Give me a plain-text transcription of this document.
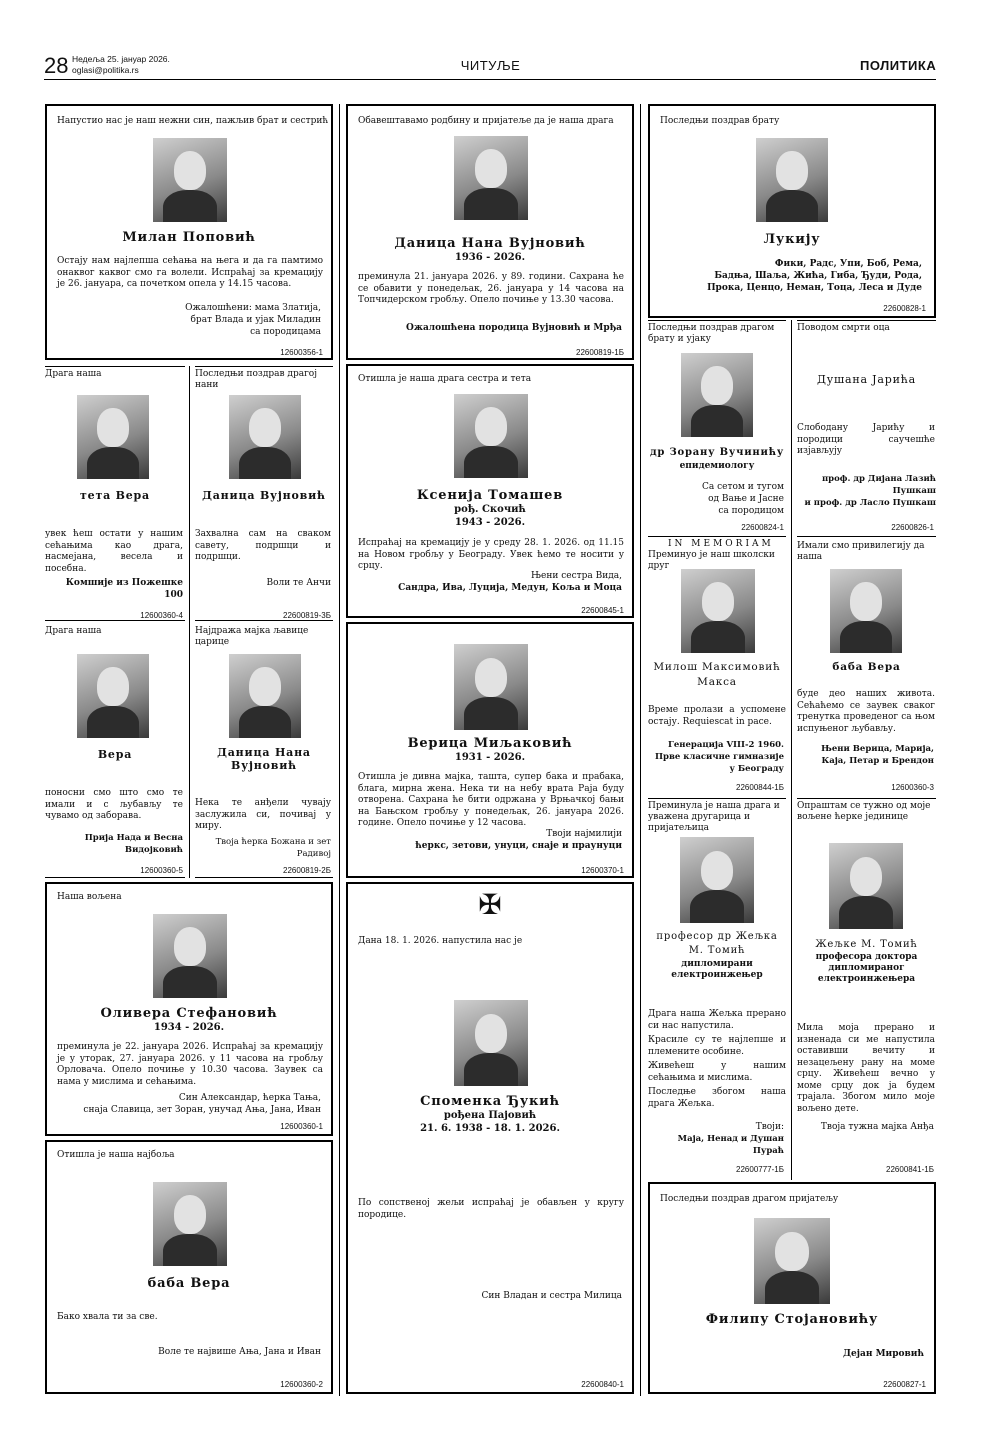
28 Недеља 25. јануар 2026.
oglasi@politika.rs	ЧИТУЉЕ	ПОЛИТИКА
Напустио нас је наш нежни син, пажљив брат и сестрић
Милан Поповић
Остају нам најлепша сећања на њега и да га памтимо онаквог каквог смо га волели. Испраћај за кремацију је 26. јануара, са почетком опела у 14.15 часова.
Ожалошћени: мама Златија,
брат Влада и ујак Миладин
са породицама
12600356-1
Обавештавамо родбину и пријатеље да је наша драга
Даница Нана Вујновић
1936 - 2026.
преминула 21. јануара 2026. у 89. години. Сахрана ће се обавити у понедељак, 26. јануара у 14 часова на Топчидерском гробљу. Опело почиње у 13.30 часова.
Ожалошћена породица Вујновић и Мрђа
22600819-1Б
Последњи поздрав брату
Лукију
Фики, Радс, Упи, Боб, Рема,
Бадња, Шаља, Жића, Гиба, Ђуди, Рода,
Прока, Ценцо, Неман, Тоца, Леса и Дуде
22600828-1
Драга наша
тета Вера
увек ћеш остати у нашим сећањима као драга, насмејана, весела и посебна.
Комшије из Пожешке 100
12600360-4
Последњи поздрав драгој нани
Даница Вујновић
Захвална сам на сваком савету, подршци и подршци.
Воли те Анчи
22600819-3Б
Отишла је наша драга сестра и тета
Ксенија Томашев
рођ. Скочић
1943 - 2026.
Испраћај на кремацију је у среду 28. 1. 2026. од 11.15 на Новом гробљу у Београду. Увек ћемо те носити у срцу.
Њени сестра Вида,
Сандра, Ива, Луција, Медун, Коља и Моца
22600845-1
Последњи поздрав драгом брату и ујаку
др Зорану Вучинићу
епидемиологу
Са сетом и тугом
од Вање и Јасне
са породицом
22600824-1
Поводом смрти оца
Душана Јарића
Слободану Јарићу и породици саучешће изјављују
проф. др Дијана Лазић Пушкаш
и проф. др Ласло Пушкаш
22600826-1
Драга наша
Вера
поносни смо што смо те имали и с љубављу те чувамо од заборава.
Прија Нада и Весна Видојковић
12600360-5
Најдража мајка љавице царице
Даница Нана Вујновић
Нека те анђели чувају заслужила си, почивај у миру.
Твоја ћерка Божана и зет Радивој
22600819-2Б
Верица Миљаковић
1931 - 2026.
Отишла је дивна мајка, ташта, супер бака и прабака, блага, мирна жена. Нека ти на небу врата Раја буду отворена. Сахрана ће бити одржана у Врњачкој бањи на Бањском гробљу у понедељак, 26. јануара 2026. године. Опело почиње у 12 часова.
Твоји најмилији
ћеркс, зетови, унуци, снаје и праунуци
12600370-1
IN MEMORIAM
Преминуо је наш школски друг
Милош Максимовић
Макса
Време пролази а успомене остају. Requiescat in pace.
Генерација VIII-2 1960.
Прве класичне гимназије
у Београду
22600844-1Б
Имали смо привилегију да наша
баба Вера
буде део наших живота. Сећаћемо се заувек сваког тренутка проведеног са њом испуњеног љубављу.
Њени Верица, Марија,
Каја, Петар и Брендон
12600360-3
Наша вољена
Оливера Стефановић
1934 - 2026.
преминула је 22. јануара 2026. Испраћај за кремацију је у уторак, 27. јануара 2026. у 11 часова на гробљу Орловача. Опело почиње у 10.30 часова. Заувек са нама у мислима и сећањима.
Син Александар, ћерка Тања,
снаја Славица, зет Зоран, унучад Ања, Јана, Иван
12600360-1
✠
Дана 18. 1. 2026. напустила нас је
Споменка Ђукић
рођена Пајовић
21. 6. 1938 - 18. 1. 2026.
По сопственој жељи испраћај је обављен у кругу породице.
Син Владан и сестра Милица
22600840-1
Преминула је наша драга и уважена другарица и пријатељица
професор др Жељка
М. Томић
дипломирани
електроинжењер
Драга наша Жељка прерано си нас напустила.
Красиле су те најлепше и племените особине.
Живећеш у нашим сећањима и мислима.
Последње збогом наша драга Жељка.
Твоји:
Маја, Ненад и Душан Пураћ
22600777-1Б
Опраштам се тужно од моје вољене ћерке јединице
Жељке М. Томић
професора доктора
дипломираног
електроинжењера
Мила моја прерано и изненада си ме напустила оставивши вечиту и незацељену рану на моме срцу. Живећеш вечно у моме срцу док ја будем трајала. Збогом мило моје вољено дете.
Твоја тужна мајка Анђа
22600841-1Б
Отишла је наша најбоља
баба Вера
Бако хвала ти за све.
Воле те највише Ања, Јана и Иван
12600360-2
Последњи поздрав драгом пријатељу
Филипу Стојановићу
Дејан Мировић
22600827-1
